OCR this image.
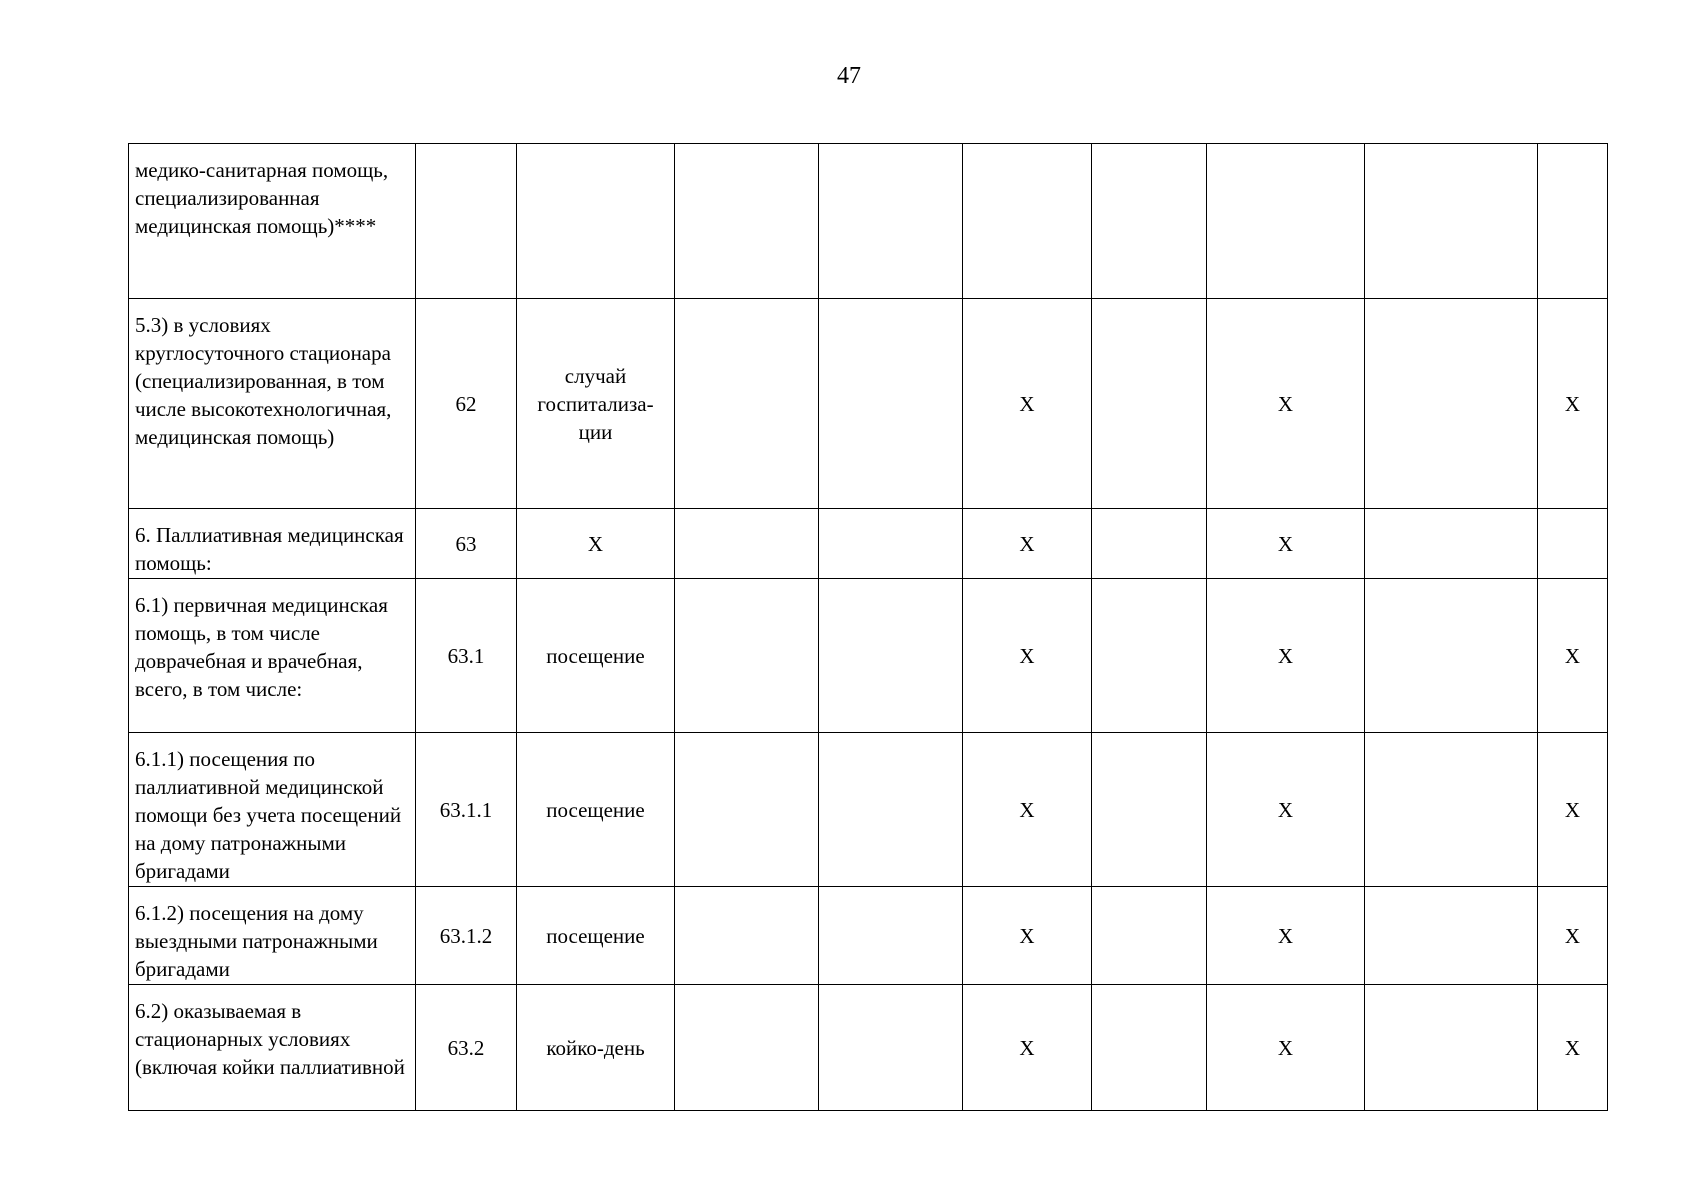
47
медико-санитарная помощь, специализированная медицинская помощь)****									
5.3) в условиях круглосуточного стационара (специализированная, в том числе высокотехнологичная, медицинская помощь)	62	случай госпитализа-ции			Х		Х		Х
6. Паллиативная медицинская помощь:	63	Х			Х		Х		
6.1) первичная медицинская помощь, в том числе доврачебная и врачебная, всего, в том числе:	63.1	посещение			Х		Х		Х
6.1.1) посещения по паллиативной медицинской помощи без учета посещений на дому патронажными бригадами	63.1.1	посещение			Х		Х		Х
6.1.2) посещения на дому выездными патронажными бригадами	63.1.2	посещение			Х		Х		Х
6.2) оказываемая в стационарных условиях (включая койки паллиативной	63.2	койко-день			Х		Х		Х
